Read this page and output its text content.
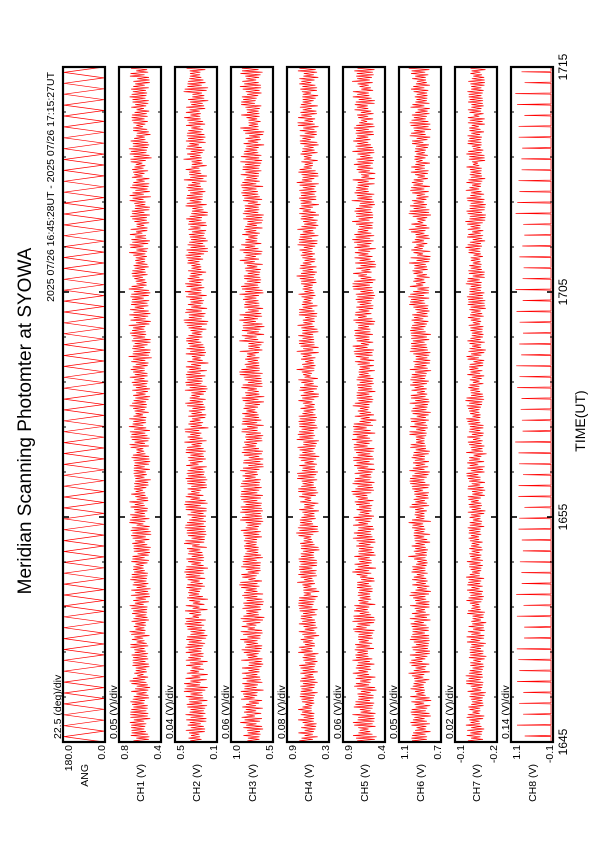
Meridian Scanning Photomter at SYOWA
2025 07/26 16:45:28UT - 2025 07/26 17:15:27UT
22.5 (deg)/div
180.0 0.0
ANG
0.05 (V)/div
0.8 0.4
CH1 (V)
0.04 (V)/div
0.5 0.1
CH2 (V)
0.06 (V)/div
1.0 0.5
CH3 (V)
0.08 (V)/div
0.9 0.3
CH4 (V)
0.06 (V)/div
0.9 0.4
CH5 (V)
0.05 (V)/div
1.1 0.7
CH6 (V)
0.02 (V)/div
-0.1 -0.2
CH7 (V)
0.14 (V)/div
1.1 -0.1
CH8 (V)
1645
1655
1705
1715
TIME(UT)
